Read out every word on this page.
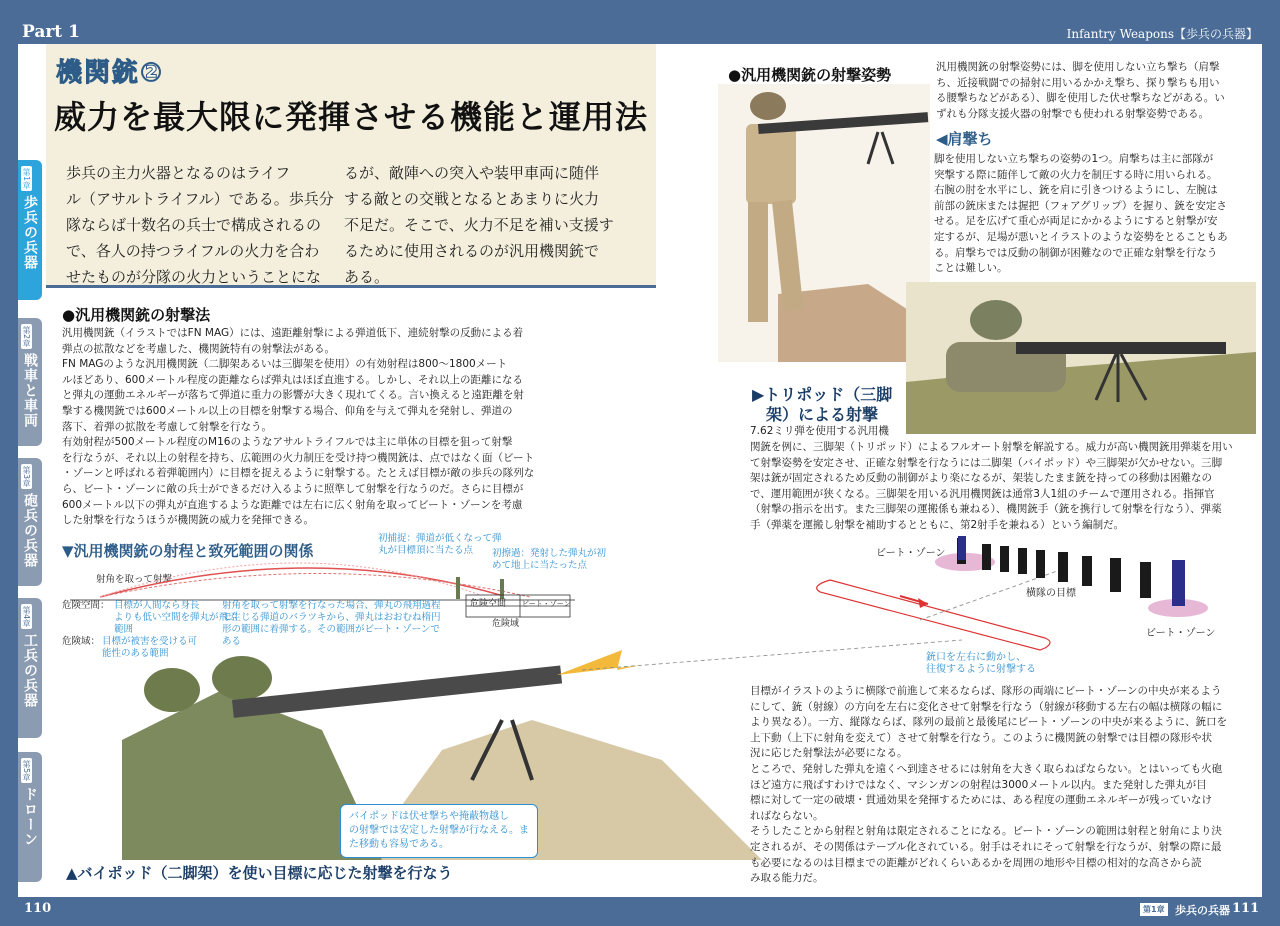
Part 1	Infantry Weapons【歩兵の兵器】
110	第1章 歩兵の兵器 111
第1章
歩兵の兵器
第2章
戦車と車両
第3章
砲兵の兵器
第4章
工兵の兵器
第5章
ドローン
機関銃②
威力を最大限に発揮させる機能と運用法
歩兵の主力火器となるのはライフ
ル（アサルトライフル）である。歩兵分
隊ならば十数名の兵士で構成されるの
で、各人の持つライフルの火力を合わ
せたものが分隊の火力ということにな
るが、敵陣への突入や装甲車両に随伴
する敵との交戦となるとあまりに火力
不足だ。そこで、火力不足を補い支援す
るために使用されるのが汎用機関銃で
ある。
●汎用機関銃の射撃法
汎用機関銃（イラストではFN MAG）には、遠距離射撃による弾道低下、連続射撃の反動による着
弾点の拡散などを考慮した、機関銃特有の射撃法がある。
FN MAGのような汎用機関銃（二脚架あるいは三脚架を使用）の有効射程は800〜1800メート
ルほどあり、600メートル程度の距離ならば弾丸はほぼ直進する。しかし、それ以上の距離になる
と弾丸の運動エネルギーが落ちて弾道に重力の影響が大きく現れてくる。言い換えると遠距離を射
撃する機関銃では600メートル以上の目標を射撃する場合、仰角を与えて弾丸を発射し、弾道の
落下、着弾の拡散を考慮して射撃を行なう。
有効射程が500メートル程度のM16のようなアサルトライフルでは主に単体の目標を狙って射撃
を行なうが、それ以上の射程を持ち、広範囲の火力制圧を受け持つ機関銃は、点ではなく面（ビート
・ゾーンと呼ばれる着弾範囲内）に目標を捉えるように射撃する。たとえば目標が敵の歩兵の隊列な
ら、ビート・ゾーンに敵の兵士ができるだけ入るように照準して射撃を行なうのだ。さらに目標が
600メートル以下の弾丸が直進するような距離では左右に広く射角を取ってビート・ゾーンを考慮
した射撃を行なうほうが機関銃の威力を発揮できる。
▼汎用機関銃の射程と致死範囲の関係
射角を取って射撃
初捕捉：弾道が低くなって弾
丸が目標頂に当たる点	初擦過：発射した弾丸が初
めて地上に当たった点
危険空間 ビート・ゾーン
危険域
危険空間： 目標が人間なら身長
よりも低い空間を弾丸が飛ぶ
範囲
危険域： 目標が被害を受ける可
能性のある範囲
射角を取って射撃を行なった場合、弾丸の飛翔過程
で生じる弾道のバラツキから、弾丸はおおむね楕円
形の範囲に着弾する。その範囲がビート・ゾーンで
ある
バイポッドは伏せ撃ちや掩蔽物越し
の射撃では安定した射撃が行なえる。ま
た移動も容易である。
▲バイポッド（二脚架）を使い目標に応じた射撃を行なう
●汎用機関銃の射撃姿勢	汎用機関銃の射撃姿勢には、脚を使用しない立ち撃ち（肩撃
ち、近接戦闘での掃射に用いるかかえ撃ち、探り撃ちも用い
る腰撃ちなどがある）、脚を使用した伏せ撃ちなどがある。い
ずれも分隊支援火器の射撃でも使われる射撃姿勢である。
◀肩撃ち
脚を使用しない立ち撃ちの姿勢の1つ。肩撃ちは主に部隊が
突撃する際に随伴して敵の火力を制圧する時に用いられる。
右腕の肘を水平にし、銃を肩に引きつけるようにし、左腕は
前部の銃床または握把（フォアグリップ）を握り、銃を安定さ
せる。足を広げて重心が両足にかかるようにすると射撃が安
定するが、足場が悪いとイラストのような姿勢をとることもあ
る。肩撃ちでは反動の制御が困難なので正確な射撃を行なう
ことは難しい。
▶トリポッド（三脚
架）による射撃
7.62ミリ弾を使用する汎用機
関銃を例に、三脚架（トリポッド）によるフルオート射撃を解説する。威力が高い機関銃用弾薬を用い
て射撃姿勢を安定させ、正確な射撃を行なうには二脚架（バイポッド）や三脚架が欠かせない。三脚
架は銃が固定されるため反動の制御がより楽になるが、架装したまま銃を持っての移動は困難なの
で、運用範囲が狭くなる。三脚架を用いる汎用機関銃は通常3人1組のチームで運用される。指揮官
（射撃の指示を出す。また三脚架の運搬係も兼ねる）、機関銃手（銃を携行して射撃を行なう）、弾薬
手（弾薬を運搬し射撃を補助するとともに、第2射手を兼ねる）という編制だ。
ビート・ゾーン
ビート・ゾーン
横隊の目標
銃口を左右に動かし、
往復するように射撃する
目標がイラストのように横隊で前進して来るならば、隊形の両端にビート・ゾーンの中央が来るよう
にして、銃（射線）の方向を左右に変化させて射撃を行なう（射線が移動する左右の幅は横隊の幅に
より異なる）。一方、縦隊ならば、隊列の最前と最後尾にビート・ゾーンの中央が来るように、銃口を
上下動（上下に射角を変えて）させて射撃を行なう。このように機関銃の射撃では目標の隊形や状
況に応じた射撃法が必要になる。
ところで、発射した弾丸を遠くへ到達させるには射角を大きく取らねばならない。とはいっても火砲
ほど遠方に飛ばすわけではなく、マシンガンの射程は3000メートル以内。また発射した弾丸が目
標に対して一定の破壊・貫通効果を発揮するためには、ある程度の運動エネルギーが残っていなけ
ればならない。
そうしたことから射程と射角は限定されることになる。ビート・ゾーンの範囲は射程と射角により決
定されるが、その関係はテーブル化されている。射手はそれにそって射撃を行なうが、射撃の際に最
も必要になるのは目標までの距離がどれくらいあるかを周囲の地形や目標の相対的な高さから読
み取る能力だ。
